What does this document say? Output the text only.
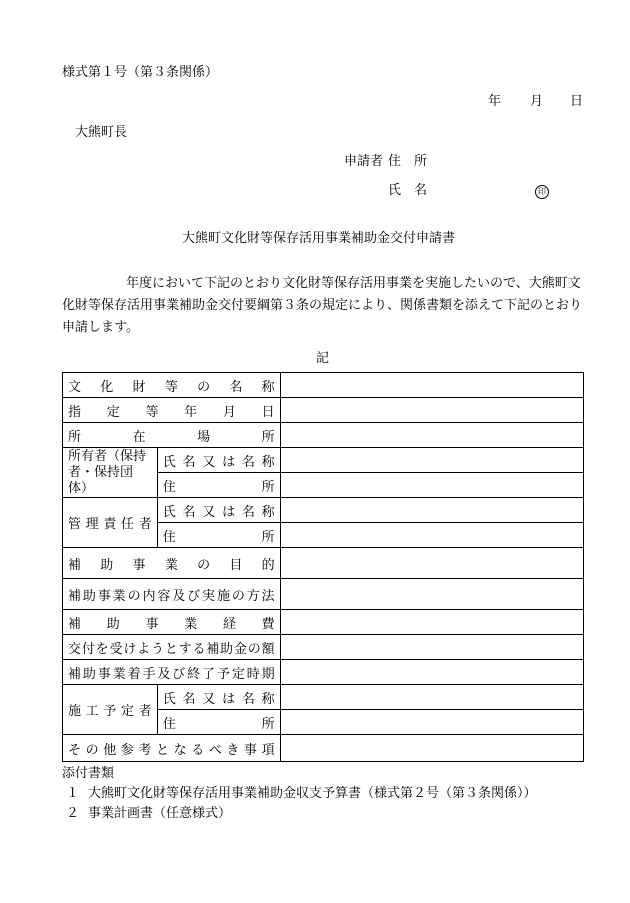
様式第１号（第３条関係）
年 月 日
大熊町長
申請者 住　所
氏　名	印
大熊町文化財等保存活用事業補助金交付申請書
年度において下記のとおり文化財等保存活用事業を実施したいので、大熊町文化財等保存活用事業補助金交付要綱第３条の規定により、関係書類を添えて下記のとおり申請します。
記
文化財等の名称		
指定等年月日		
所在場所		
所有者（保持者・保持団体）	氏名又は名称	
	住所	
管理責任者	氏名又は名称	
	住所	
補助事業の目的		
補助事業の内容及び実施の方法		
補助事業経費		
交付を受けようとする補助金の額		
補助事業着手及び終了予定時期		
施工予定者	氏名又は名称	
	住所	
その他参考となるべき事項		
添付書類
１ 大熊町文化財等保存活用事業補助金収支予算書（様式第２号（第３条関係））
２ 事業計画書（任意様式）
